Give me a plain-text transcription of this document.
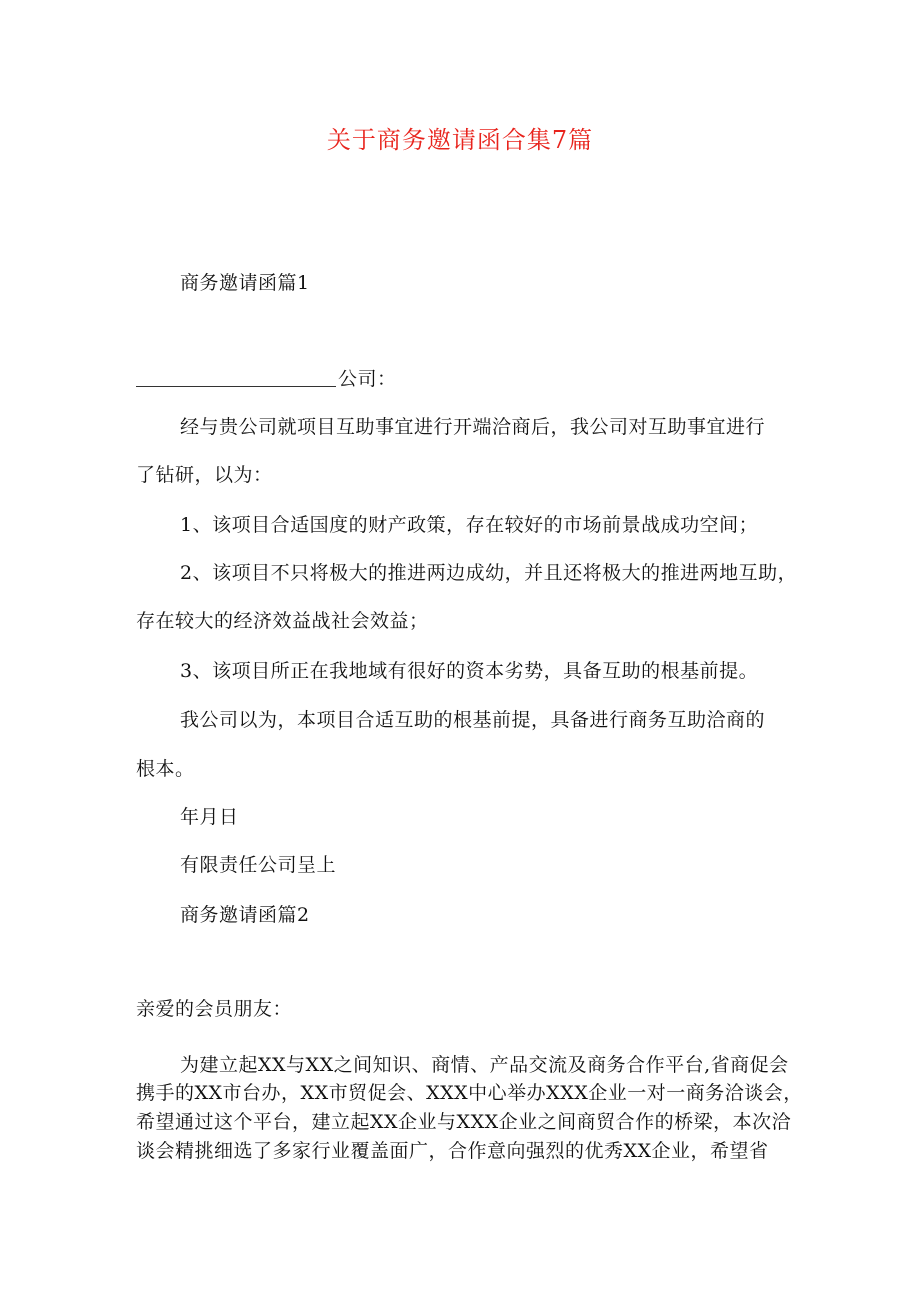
关于商务邀请函合集7篇
商务邀请函篇1
公司：
经与贵公司就项目互助事宜进行开端洽商后，我公司对互助事宜进行
了钻研，以为：
1、该项目合适国度的财产政策，存在较好的市场前景战成功空间；
2、该项目不只将极大的推进两边成幼，并且还将极大的推进两地互助，
存在较大的经济效益战社会效益；
3、该项目所正在我地域有很好的资本劣势，具备互助的根基前提。
我公司以为，本项目合适互助的根基前提，具备进行商务互助洽商的
根本。
年月日
有限责任公司呈上
商务邀请函篇2
亲爱的会员朋友：
为建立起XX与XX之间知识、商情、产品交流及商务合作平台,省商促会
携手的XX市台办，XX市贸促会、XXX中心举办XXX企业一对一商务洽谈会，
希望通过这个平台，建立起XX企业与XXX企业之间商贸合作的桥梁，本次洽
谈会精挑细选了多家行业覆盖面广，合作意向强烈的优秀XX企业，希望省
